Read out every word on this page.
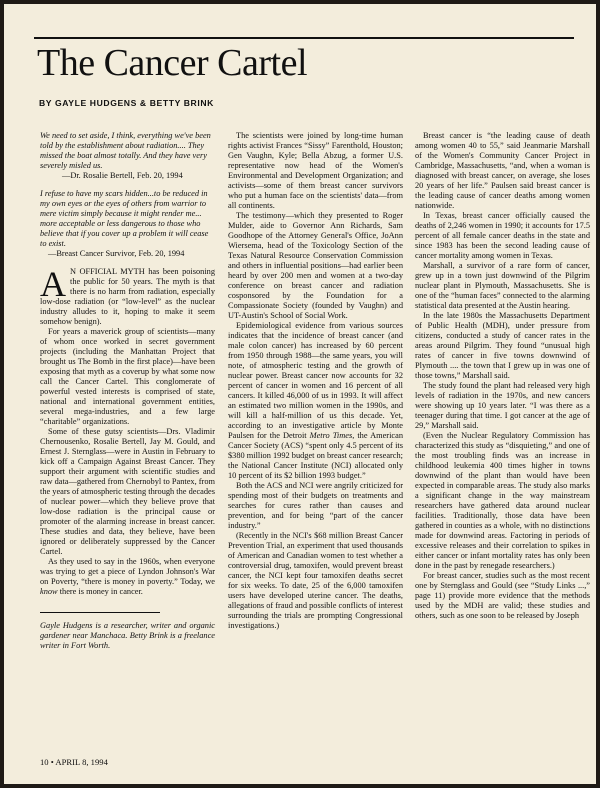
The Cancer Cartel
BY GAYLE HUDGENS & BETTY BRINK

We need to set aside, I think, everything we've been told by the establishment about radiation.... They missed the boat almost totally. And they have very severely misled us.

—Dr. Rosalie Bertell, Feb. 20, 1994

I refuse to have my scars hidden...to be reduced in my own eyes or the eyes of others from warrior to mere victim simply because it might render me... more acceptable or less dangerous to those who believe that if you cover up a problem it will cease to exist.

—Breast Cancer Survivor, Feb. 20, 1994

A N OFFICIAL MYTH has been poisoning the public for 50 years. The myth is that there is no harm from radiation, especially low-dose radiation (or “low-level” as the nuclear industry alludes to it, hoping to make it seem somehow benign).

For years a maverick group of scientists—many of whom once worked in secret government projects (including the Manhattan Project that brought us The Bomb in the first place)—have been exposing that myth as a coverup by what some now call the Cancer Cartel. This conglomerate of powerful vested interests is comprised of state, national and international government entities, several mega-industries, and a few large “charitable” organizations.

Some of these gutsy scientists—Drs. Vladimir Chernousenko, Rosalie Bertell, Jay M. Gould, and Ernest J. Sternglass—were in Austin in February to kick off a Campaign Against Breast Cancer. They support their argument with scientific studies and raw data—gathered from Chernobyl to Pantex, from the years of atmospheric testing through the decades of nuclear power—which they believe prove that low-dose radiation is the principal cause or promoter of the alarming increase in breast cancer. These studies and data, they believe, have been ignored or deliberately suppressed by the Cancer Cartel.

As they used to say in the 1960s, when everyone was trying to get a piece of Lyndon Johnson's War on Poverty, “there is money in poverty.” Today, we know there is money in cancer.

Gayle Hudgens is a researcher, writer and organic gardener near Manchaca. Betty Brink is a freelance writer in Fort Worth.

The scientists were joined by long-time human rights activist Frances “Sissy” Farenthold, Houston; Gen Vaughn, Kyle; Bella Abzug, a former U.S. representative now head of the Women's Environmental and Development Organization; and activists—some of them breast cancer survivors who put a human face on the scientists' data—from all continents.

The testimony—which they presented to Roger Mulder, aide to Governor Ann Richards, Sam Goodhope of the Attorney General's Office, JoAnn Wiersema, head of the Toxicology Section of the Texas Natural Resource Conservation Commission and others in influential positions—had earlier been heard by over 200 men and women at a two-day conference on breast cancer and radiation cosponsored by the Foundation for a Compassionate Society (founded by Vaughn) and UT-Austin's School of Social Work.

Epidemiological evidence from various sources indicates that the incidence of breast cancer (and male colon cancer) has increased by 60 percent from 1950 through 1988—the same years, you will note, of atmospheric testing and the growth of nuclear power. Breast cancer now accounts for 32 percent of cancer in women and 16 percent of all cancers. It killed 46,000 of us in 1993. It will affect an estimated two million women in the 1990s, and will kill a half-million of us this decade. Yet, according to an investigative article by Monte Paulsen for the Detroit Metro Times, the American Cancer Society (ACS) “spent only 4.5 percent of its $380 million 1992 budget on breast cancer research; the National Cancer Institute (NCI) allocated only 10 percent of its $2 billion 1993 budget.”

Both the ACS and NCI were angrily criticized for spending most of their budgets on treatments and searches for cures rather than causes and prevention, and for being “part of the cancer industry.”

(Recently in the NCI's $68 million Breast Cancer Prevention Trial, an experiment that used thousands of American and Canadian women to test whether a controversial drug, tamoxifen, would prevent breast cancer, the NCI kept four tamoxifen deaths secret for six weeks. To date, 25 of the 6,000 tamoxifen users have developed uterine cancer. The deaths, allegations of fraud and possible conflicts of interest surrounding the trials are prompting Congressional investigations.)

Breast cancer is “the leading cause of death among women 40 to 55,” said Jeanmarie Marshall of the Women's Community Cancer Project in Cambridge, Massachusetts, “and, when a woman is diagnosed with breast cancer, on average, she loses 20 years of her life.” Paulsen said breast cancer is the leading cause of cancer deaths among women nationwide.

In Texas, breast cancer officially caused the deaths of 2,246 women in 1990; it accounts for 17.5 percent of all female cancer deaths in the state and since 1983 has been the second leading cause of cancer mortality among women in Texas.

Marshall, a survivor of a rare form of cancer, grew up in a town just downwind of the Pilgrim nuclear plant in Plymouth, Massachusetts. She is one of the “human faces” connected to the alarming statistical data presented at the Austin hearing.

In the late 1980s the Massachusetts Department of Public Health (MDH), under pressure from citizens, conducted a study of cancer rates in the areas around Pilgrim. They found “unusual high rates of cancer in five towns downwind of Plymouth .... the town that I grew up in was one of those towns,” Marshall said.

The study found the plant had released very high levels of radiation in the 1970s, and new cancers were showing up 10 years later. “I was there as a teenager during that time. I got cancer at the age of 29,” Marshall said.

(Even the Nuclear Regulatory Commission has characterized this study as “disquieting,” and one of the most troubling finds was an increase in childhood leukemia 400 times higher in towns downwind of the plant than would have been expected in comparable areas. The study also marks a significant change in the way mainstream researchers have gathered data around nuclear facilities. Traditionally, those data have been gathered in counties as a whole, with no distinctions made for downwind areas. Factoring in periods of excessive releases and their correlation to spikes in either cancer or infant mortality rates has only been done in the past by renegade researchers.)

For breast cancer, studies such as the most recent one by Sternglass and Gould (see “Study Links ...,” page 11) provide more evidence that the methods used by the MDH are valid; these studies and others, such as one soon to be released by Joseph

10 • APRIL 8, 1994
